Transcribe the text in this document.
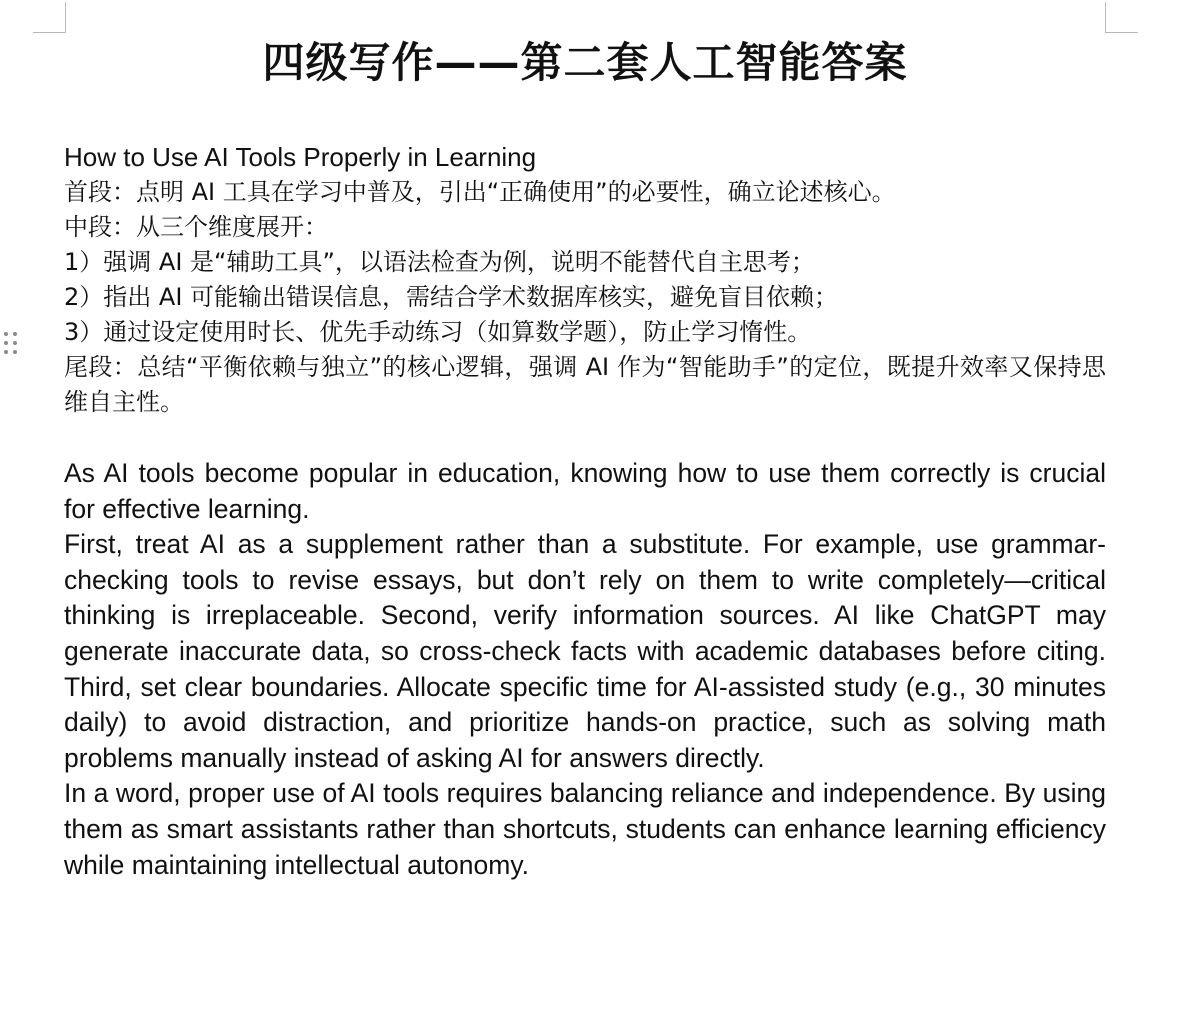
四级写作——第二套人工智能答案

How to Use AI Tools Properly in Learning

首段：点明 AI 工具在学习中普及，引出“正确使用”的必要性，确立论述核心。

中段：从三个维度展开：

1）强调 AI 是“辅助工具”，以语法检查为例，说明不能替代自主思考；

2）指出 AI 可能输出错误信息，需结合学术数据库核实，避免盲目依赖；

3）通过设定使用时长、优先手动练习（如算数学题），防止学习惰性。

尾段：总结“平衡依赖与独立”的核心逻辑，强调 AI 作为“智能助手”的定位，既提升效率又保持思维自主性。

As AI tools become popular in education, knowing how to use them correctly is crucial for effective learning.

First, treat AI as a supplement rather than a substitute. For example, use grammar-checking tools to revise essays, but don’t rely on them to write completely—critical thinking is irreplaceable. Second, verify information sources. AI like ChatGPT may generate inaccurate data, so cross-check facts with academic databases before citing. Third, set clear boundaries. Allocate specific time for AI-assisted study (e.g., 30 minutes daily) to avoid distraction, and prioritize hands-on practice, such as solving math problems manually instead of asking AI for answers directly.

In a word, proper use of AI tools requires balancing reliance and independence. By using them as smart assistants rather than shortcuts, students can enhance learning efficiency while maintaining intellectual autonomy.
